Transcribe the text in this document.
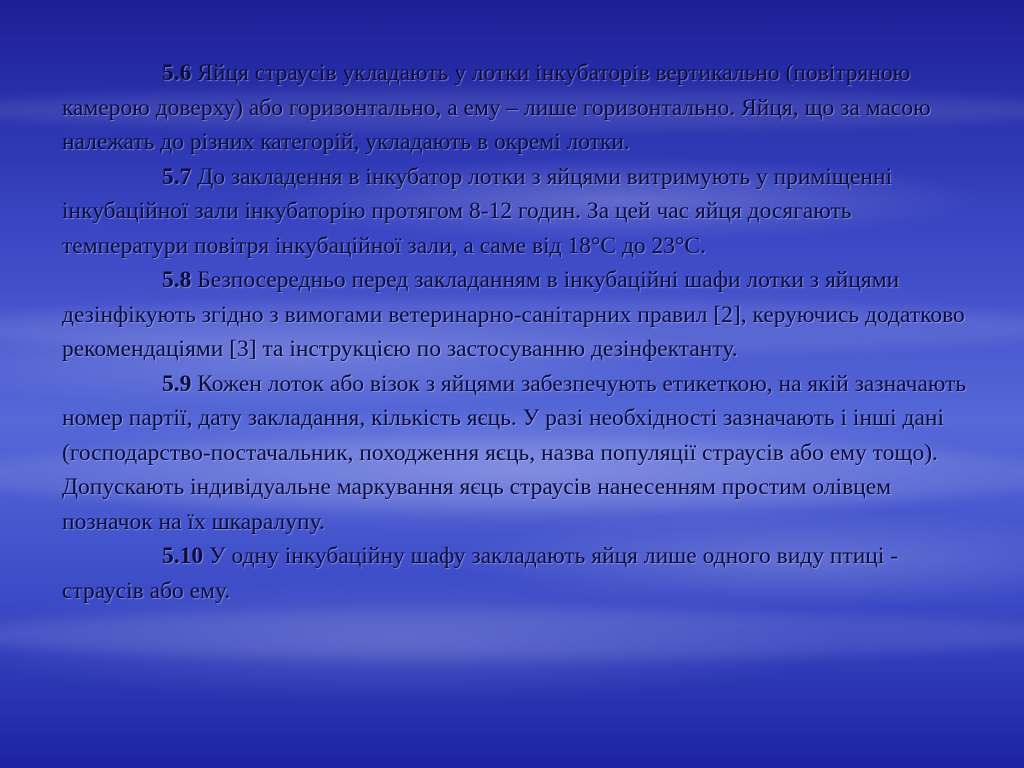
5.6 Яйця страусів укладають у лотки інкубаторів вертикально (повітряною камерою доверху) або горизонтально, а ему – лише горизонтально. Яйця, що за масою належать до різних категорій, укладають в окремі лотки.

5.7 До закладення в інкубатор лотки з яйцями витримують у приміщенні інкубаційної зали інкубаторію протягом 8-12 годин. За цей час яйця досягають температури повітря інкубаційної зали, а саме від 18°С до 23°С.

5.8 Безпосередньо перед закладанням в інкубаційні шафи лотки з яйцями дезінфікують згідно з вимогами ветеринарно-санітарних правил [2], керуючись додатково рекомендаціями [3] та інструкцією по застосуванню дезінфектанту.

5.9 Кожен лоток або візок з яйцями забезпечують етикеткою, на якій зазначають номер партії, дату закладання, кількість яєць. У разі необхідності зазначають і інші дані (господарство-постачальник, походження яєць, назва популяції страусів або ему тощо). Допускають індивідуальне маркування яєць страусів нанесенням простим олівцем позначок на їх шкаралупу.

5.10 У одну інкубаційну шафу закладають яйця лише одного виду птиці - страусів або ему.
